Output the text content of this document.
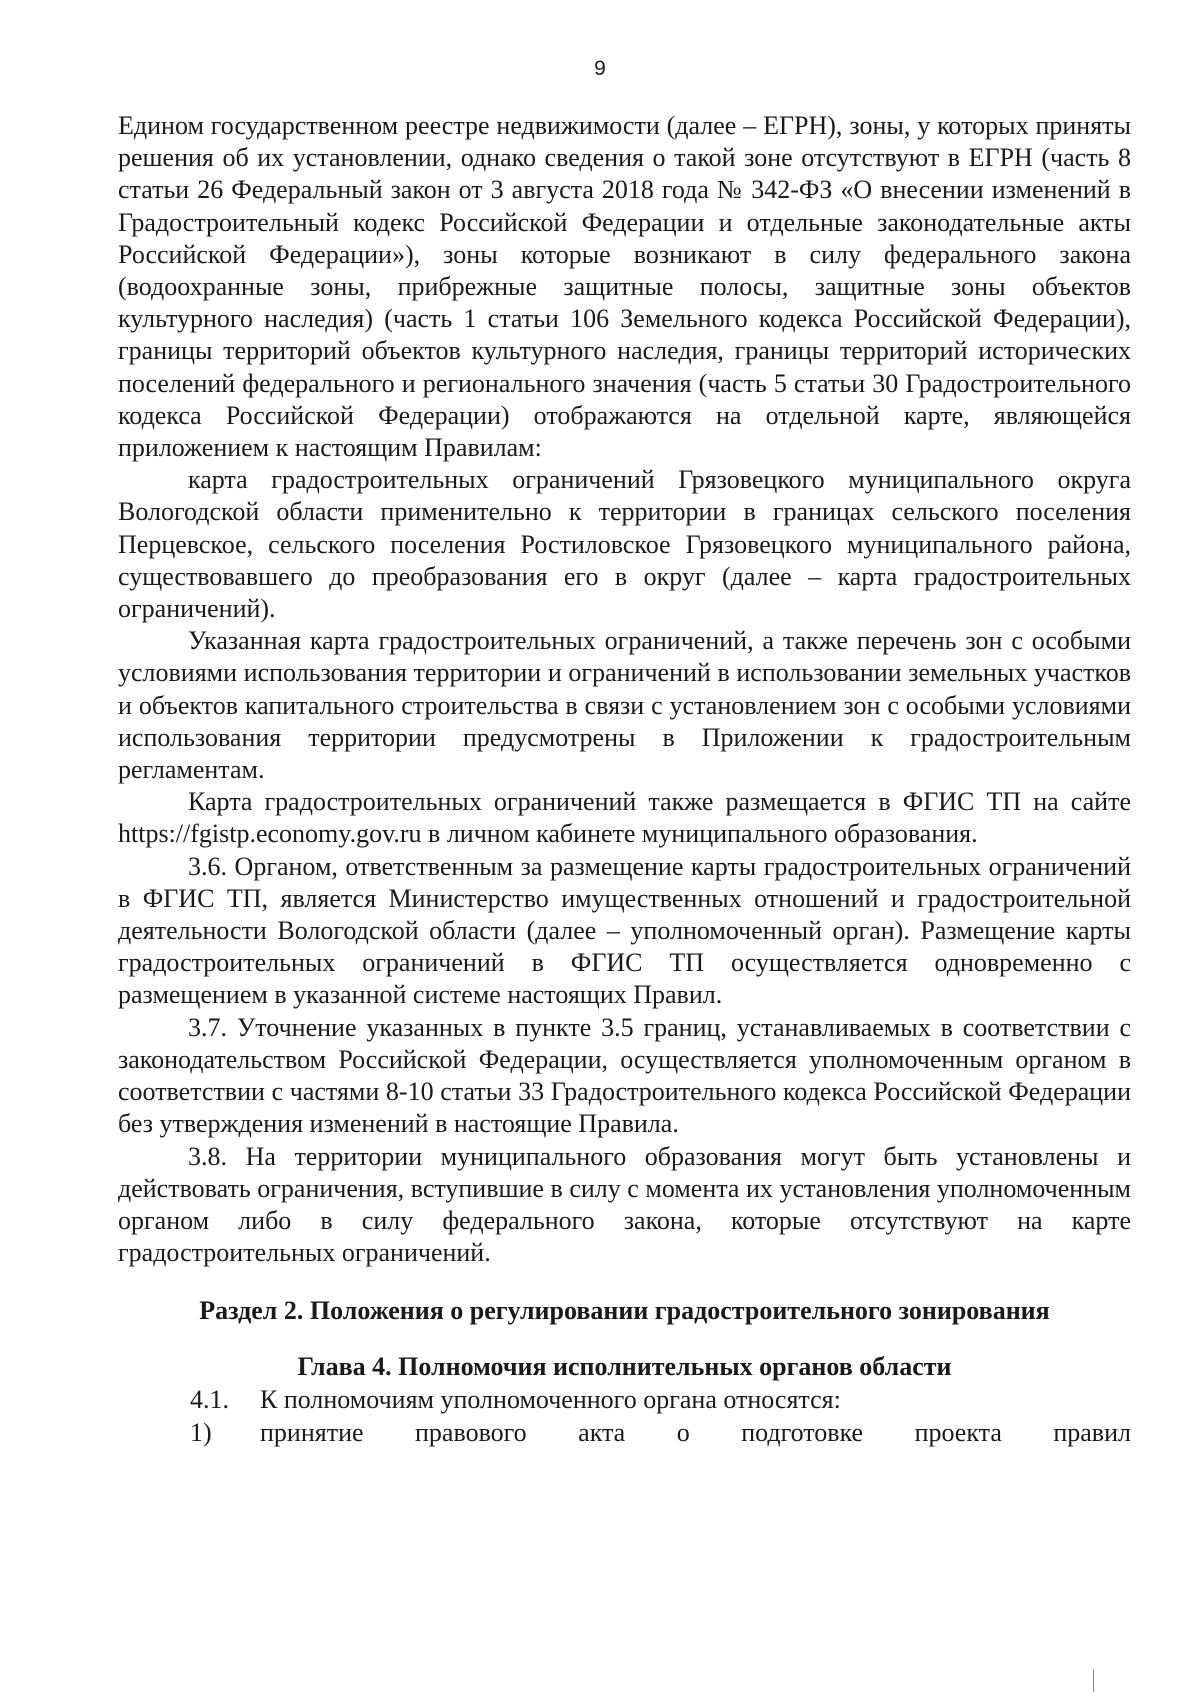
9

Едином государственном реестре недвижимости (далее – ЕГРН), зоны, у которых приняты решения об их установлении, однако сведения о такой зоне отсутствуют в ЕГРН (часть 8 статьи 26 Федеральный закон от 3 августа 2018 года № 342-ФЗ «О внесении изменений в Градостроительный кодекс Российской Федерации и отдельные законодательные акты Российской Федерации»), зоны которые возникают в силу федерального закона (водоохранные зоны, прибрежные защитные полосы, защитные зоны объектов культурного наследия) (часть 1 статьи 106 Земельного кодекса Российской Федерации), границы территорий объектов культурного наследия, границы территорий исторических поселений федерального и регионального значения (часть 5 статьи 30 Градостроительного кодекса Российской Федерации) отображаются на отдельной карте, являющейся приложением к настоящим Правилам:

карта градостроительных ограничений Грязовецкого муниципального округа Вологодской области применительно к территории в границах сельского поселения Перцевское, сельского поселения Ростиловское Грязовецкого муниципального района, существовавшего до преобразования его в округ (далее – карта градостроительных ограничений).

Указанная карта градостроительных ограничений, а также перечень зон с особыми условиями использования территории и ограничений в использовании земельных участков и объектов капитального строительства в связи с установлением зон с особыми условиями использования территории предусмотрены в Приложении к градостроительным регламентам.

Карта градостроительных ограничений также размещается в ФГИС ТП на сайте https://fgistp.economy.gov.ru в личном кабинете муниципального образования.

3.6. Органом, ответственным за размещение карты градостроительных ограничений в ФГИС ТП, является Министерство имущественных отношений и градостроительной деятельности Вологодской области (далее – уполномоченный орган). Размещение карты градостроительных ограничений в ФГИС ТП осуществляется одновременно с размещением в указанной системе настоящих Правил.

3.7. Уточнение указанных в пункте 3.5 границ, устанавливаемых в соответствии с законодательством Российской Федерации, осуществляется уполномоченным органом в соответствии с частями 8-10 статьи 33 Градостроительного кодекса Российской Федерации без утверждения изменений в настоящие Правила.

3.8. На территории муниципального образования могут быть установлены и действовать ограничения, вступившие в силу с момента их установления уполномоченным органом либо в силу федерального закона, которые отсутствуют на карте градостроительных ограничений.

Раздел 2. Положения о регулировании градостроительного зонирования

Глава 4. Полномочия исполнительных органов области

4.1.	К полномочиям уполномоченного органа относятся:
1)	принятие правового акта о подготовке проекта правил
